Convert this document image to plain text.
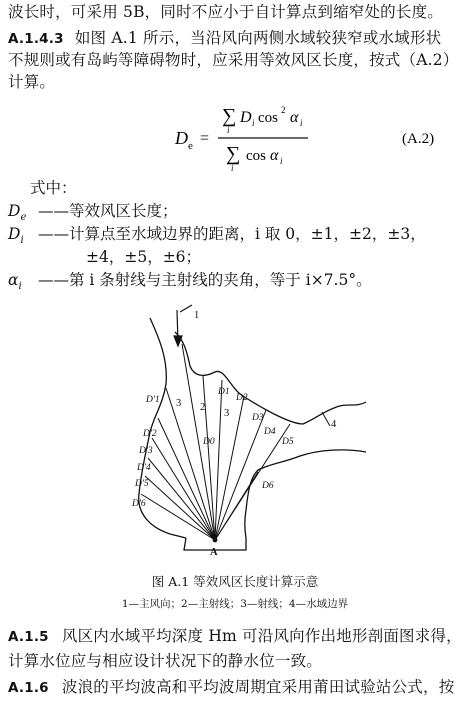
波长时，可采用 5B，同时不应小于自计算点到缩窄处的长度。
A.1.4.3 如图 A.1 所示，当沿风向两侧水域较狭窄或水域形状
不规则或有岛屿等障碍物时，应采用等效风区长度，按式（A.2）
计算。
D e =
∑
i
D i cos 2 α i
∑
i
cos α i
(A.2)
式中：
$D_e$ ——等效风区长度；
$D_i$ ——计算点至水域边界的距离，i 取 0，±1，±2，±3，
±4，±5，±6；
$\alpha_i$ ——第 i 条射线与主射线的夹角，等于 i×7.5°。
1
2
3
3
4
A
D0
D1
D2
D3
D4
D5
D6
D'1
D'2
D'3
D'4
D'5
D'6
图 A.1 等效风区长度计算示意
1—主风向；2—主射线；3—射线；4—水域边界
A.1.5 风区内水域平均深度 Hm 可沿风向作出地形剖面图求得，
计算水位应与相应设计状况下的静水位一致。
A.1.6 波浪的平均波高和平均波周期宜采用莆田试验站公式，按
